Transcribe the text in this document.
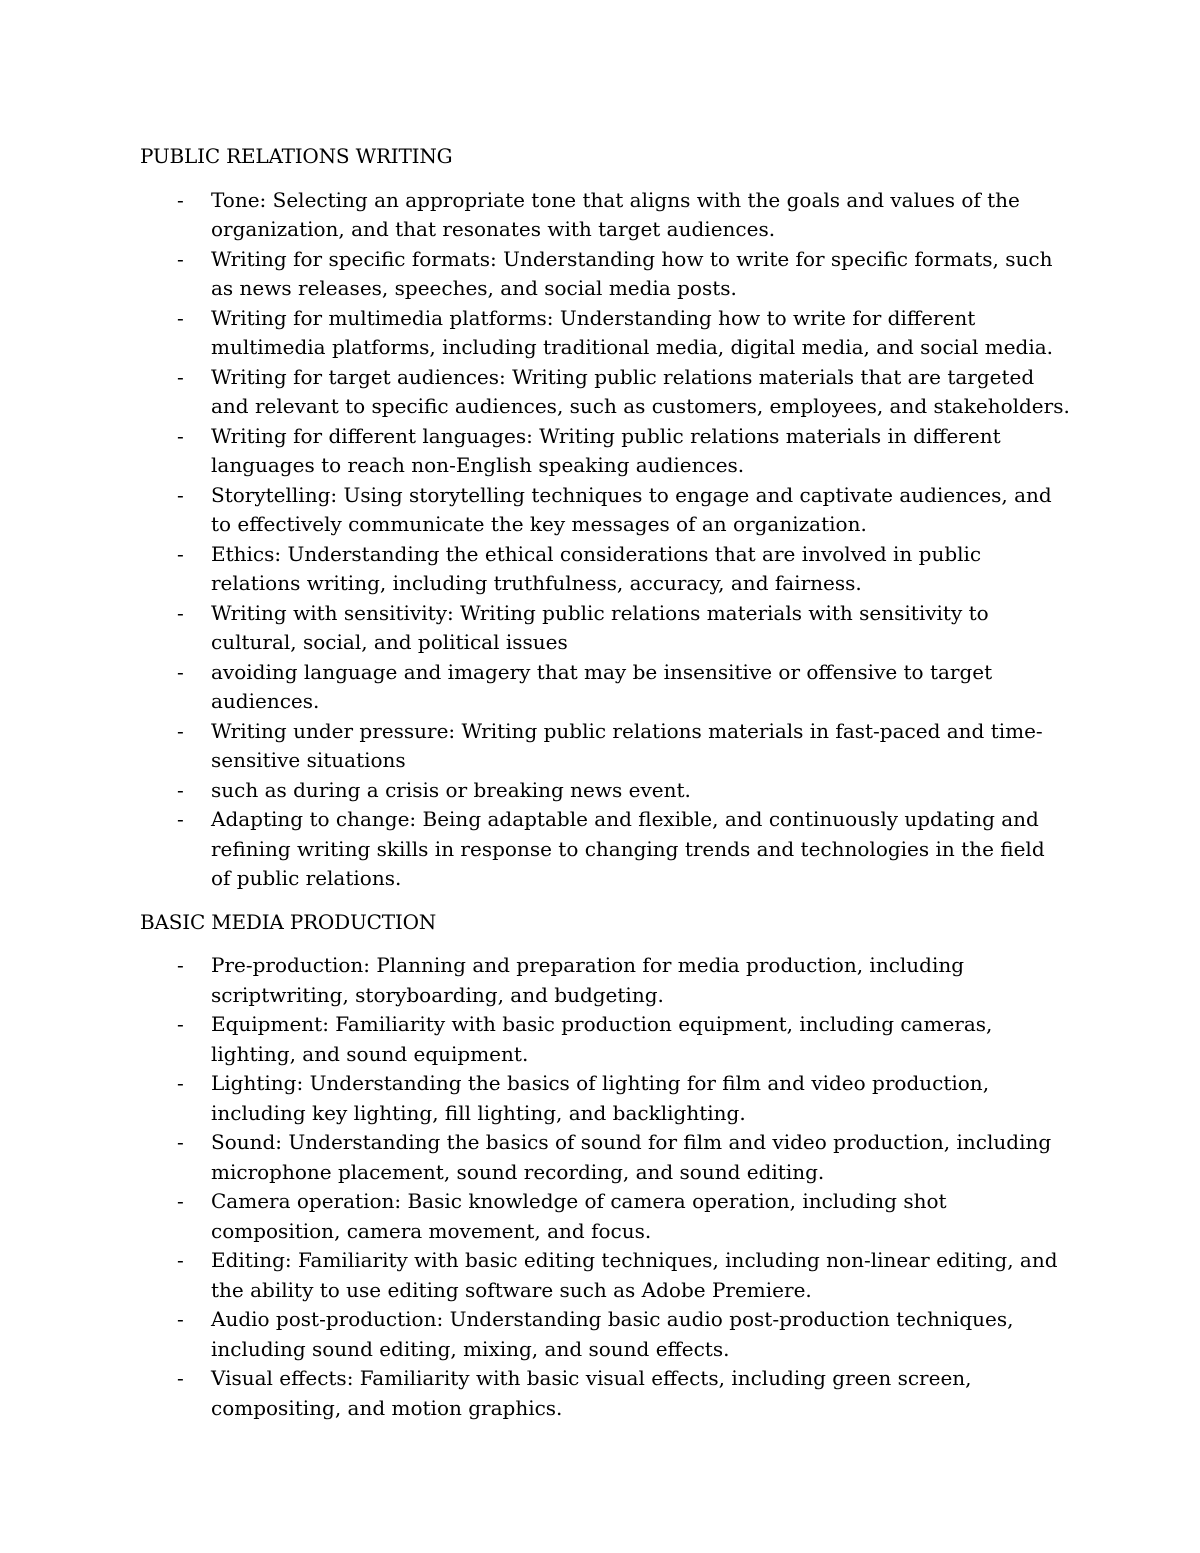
PUBLIC RELATIONS WRITING
- Tone: Selecting an appropriate tone that aligns with the goals and values of the organization, and that resonates with target audiences.
- Writing for specific formats: Understanding how to write for specific formats, such as news releases, speeches, and social media posts.
- Writing for multimedia platforms: Understanding how to write for different multimedia platforms, including traditional media, digital media, and social media.
- Writing for target audiences: Writing public relations materials that are targeted and relevant to specific audiences, such as customers, employees, and stakeholders.
- Writing for different languages: Writing public relations materials in different languages to reach non-English speaking audiences.
- Storytelling: Using storytelling techniques to engage and captivate audiences, and to effectively communicate the key messages of an organization.
- Ethics: Understanding the ethical considerations that are involved in public relations writing, including truthfulness, accuracy, and fairness.
- Writing with sensitivity: Writing public relations materials with sensitivity to cultural, social, and political issues
- avoiding language and imagery that may be insensitive or offensive to target audiences.
- Writing under pressure: Writing public relations materials in fast-paced and time-sensitive situations
- such as during a crisis or breaking news event.
- Adapting to change: Being adaptable and flexible, and continuously updating and refining writing skills in response to changing trends and technologies in the field of public relations.
BASIC MEDIA PRODUCTION
- Pre-production: Planning and preparation for media production, including scriptwriting, storyboarding, and budgeting.
- Equipment: Familiarity with basic production equipment, including cameras, lighting, and sound equipment.
- Lighting: Understanding the basics of lighting for film and video production, including key lighting, fill lighting, and backlighting.
- Sound: Understanding the basics of sound for film and video production, including microphone placement, sound recording, and sound editing.
- Camera operation: Basic knowledge of camera operation, including shot composition, camera movement, and focus.
- Editing: Familiarity with basic editing techniques, including non-linear editing, and the ability to use editing software such as Adobe Premiere.
- Audio post-production: Understanding basic audio post-production techniques, including sound editing, mixing, and sound effects.
- Visual effects: Familiarity with basic visual effects, including green screen, compositing, and motion graphics.
